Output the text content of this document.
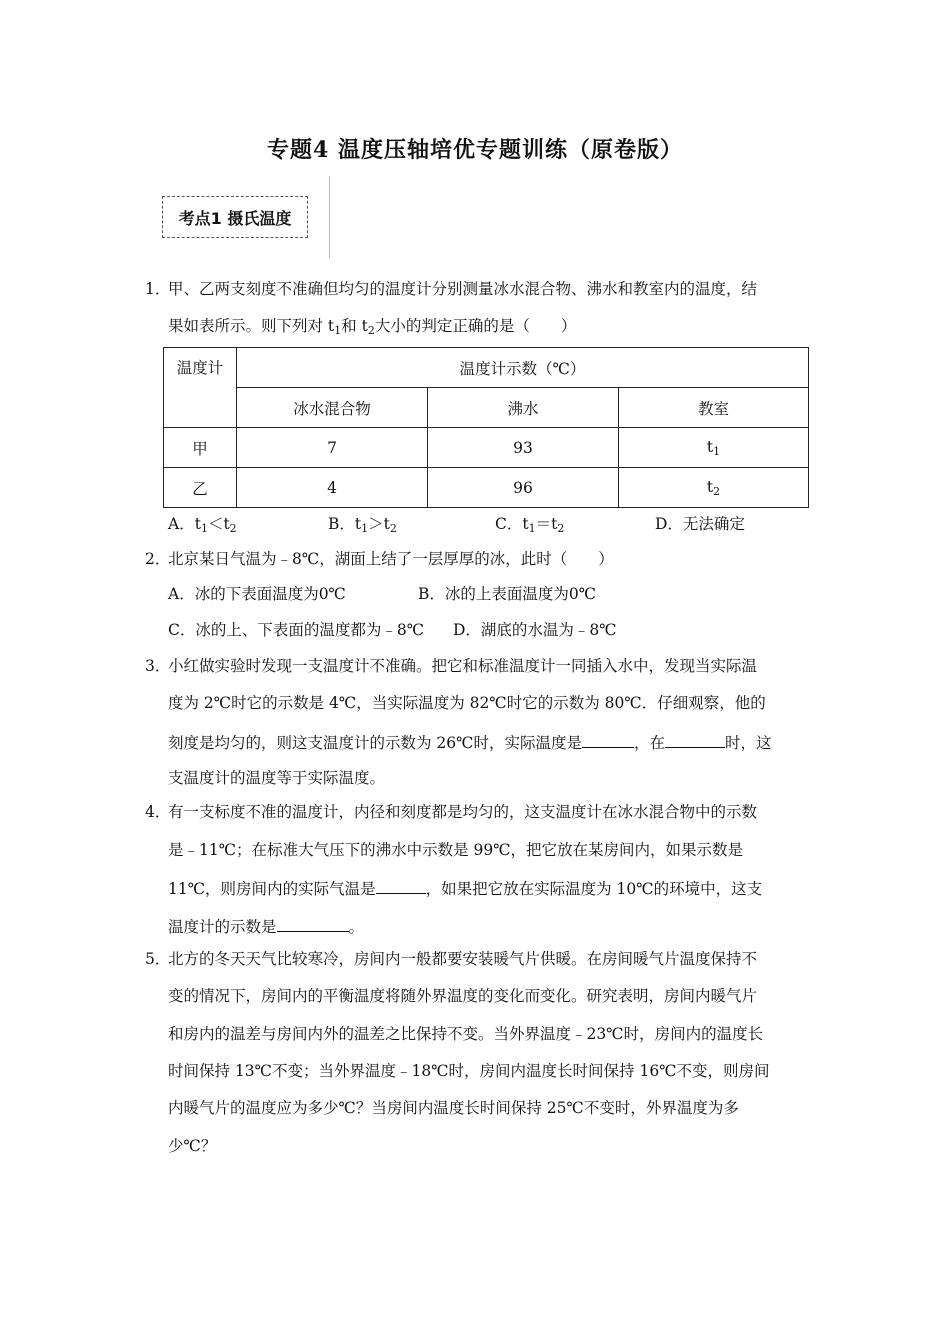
专题4 温度压轴培优专题训练（原卷版）
考点1 摄氏温度
1．
甲、乙两支刻度不准确但均匀的温度计分别测量冰水混合物、沸水和教室内的温度，结
果如表所示。则下列对 $t_1$和 $t_2$大小的判定正确的是（　　）
温度计	温度计示数（℃）		
	冰水混合物	沸水	教室
甲	7	93	$t_1$
乙	4	96	$t_2$
A．$t_1<t_2$	B．$t_1>t_2$	C．$t_1=t_2$	D．无法确定
2．
北京某日气温为﹣8℃，湖面上结了一层厚厚的冰，此时（　　）
A．冰的下表面温度为0℃	B．冰的上表面温度为0℃
C．冰的上、下表面的温度都为﹣8℃ D．湖底的水温为﹣8℃
3．
小红做实验时发现一支温度计不准确。把它和标准温度计一同插入水中，发现当实际温
度为 2℃时它的示数是 4℃，当实际温度为 82℃时它的示数为 80℃．仔细观察，他的
刻度是均匀的，则这支温度计的示数为 26℃时，实际温度是	，在	时，这
支温度计的温度等于实际温度。
4．
有一支标度不准的温度计，内径和刻度都是均匀的，这支温度计在冰水混合物中的示数
是﹣11℃；在标准大气压下的沸水中示数是 99℃，把它放在某房间内，如果示数是
11℃，则房间内的实际气温是	，如果把它放在实际温度为 10℃的环境中，这支
温度计的示数是	。
5．
北方的冬天天气比较寒冷，房间内一般都要安装暖气片供暖。在房间暖气片温度保持不
变的情况下，房间内的平衡温度将随外界温度的变化而变化。研究表明，房间内暖气片
和房内的温差与房间内外的温差之比保持不变。当外界温度﹣23℃时，房间内的温度长
时间保持 13℃不变；当外界温度﹣18℃时，房间内温度长时间保持 16℃不变，则房间
内暖气片的温度应为多少℃？当房间内温度长时间保持 25℃不变时，外界温度为多
少℃？
